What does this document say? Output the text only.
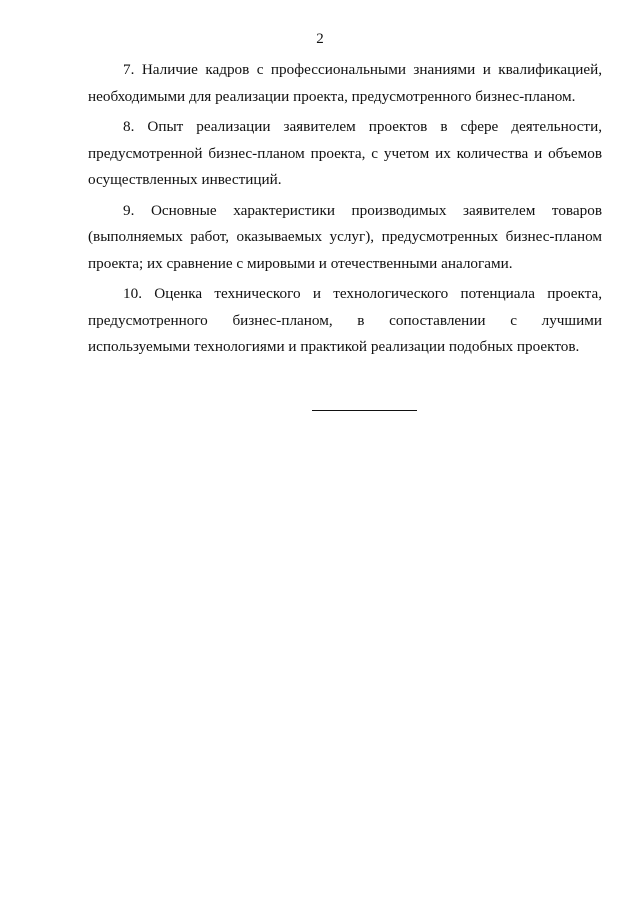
2

7. Наличие кадров с профессиональными знаниями и квалификацией, необходимыми для реализации проекта, предусмотренного бизнес-планом.

8. Опыт реализации заявителем проектов в сфере деятельности, предусмотренной бизнес-планом проекта, с учетом их количества и объемов осуществленных инвестиций.

9. Основные характеристики производимых заявителем товаров (выполняемых работ, оказываемых услуг), предусмотренных бизнес-планом проекта; их сравнение с мировыми и отечественными аналогами.

10. Оценка технического и технологического потенциала проекта, предусмотренного бизнес-планом, в сопоставлении с лучшими используемыми технологиями и практикой реализации подобных проектов.
